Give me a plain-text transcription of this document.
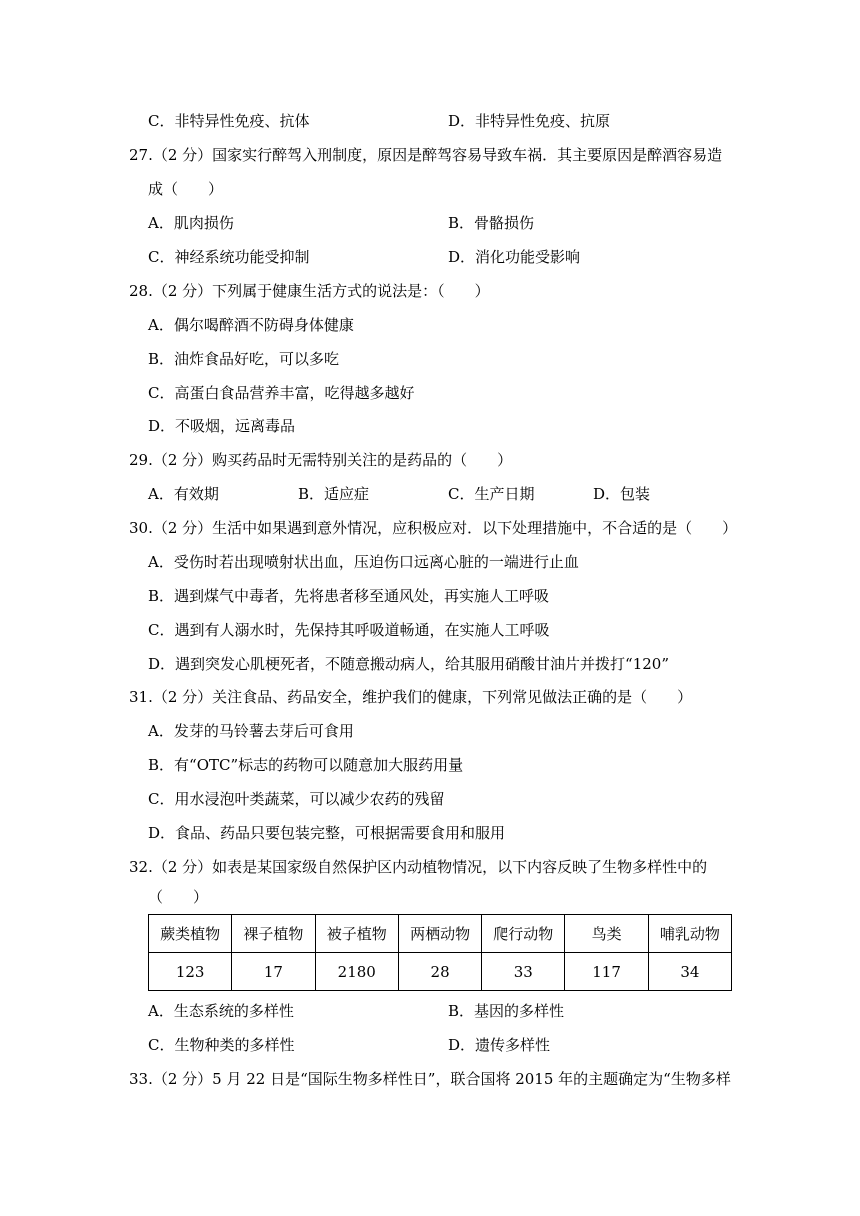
C．非特异性免疫、抗体	D．非特异性免疫、抗原
27.（2 分）国家实行醉驾入刑制度，原因是醉驾容易导致车祸．其主要原因是醉酒容易造
成（　　）
A．肌肉损伤	B．骨骼损伤
C．神经系统功能受抑制	D．消化功能受影响
28.（2 分）下列属于健康生活方式的说法是：（　　）
A．偶尔喝醉酒不防碍身体健康
B．油炸食品好吃，可以多吃
C．高蛋白食品营养丰富，吃得越多越好
D．不吸烟，远离毒品
29.（2 分）购买药品时无需特别关注的是药品的（　　）
A．有效期	B．适应症	C．生产日期	D．包装
30.（2 分）生活中如果遇到意外情况，应积极应对．以下处理措施中，不合适的是（　　）
A．受伤时若出现喷射状出血，压迫伤口远离心脏的一端进行止血
B．遇到煤气中毒者，先将患者移至通风处，再实施人工呼吸
C．遇到有人溺水时，先保持其呼吸道畅通，在实施人工呼吸
D．遇到突发心肌梗死者，不随意搬动病人，给其服用硝酸甘油片并拨打“120”
31.（2 分）关注食品、药品安全，维护我们的健康，下列常见做法正确的是（　　）
A．发芽的马铃薯去芽后可食用
B．有“OTC”标志的药物可以随意加大服药用量
C．用水浸泡叶类蔬菜，可以减少农药的残留
D．食品、药品只要包装完整，可根据需要食用和服用
32.（2 分）如表是某国家级自然保护区内动植物情况，以下内容反映了生物多样性中的
（　　）
蕨类植物	裸子植物	被子植物	两栖动物	爬行动物	鸟类	哺乳动物
123	17	2180	28	33	117	34
A．生态系统的多样性	B．基因的多样性
C．生物种类的多样性	D．遗传多样性
33.（2 分）5 月 22 日是“国际生物多样性日”，联合国将 2015 年的主题确定为“生物多样
